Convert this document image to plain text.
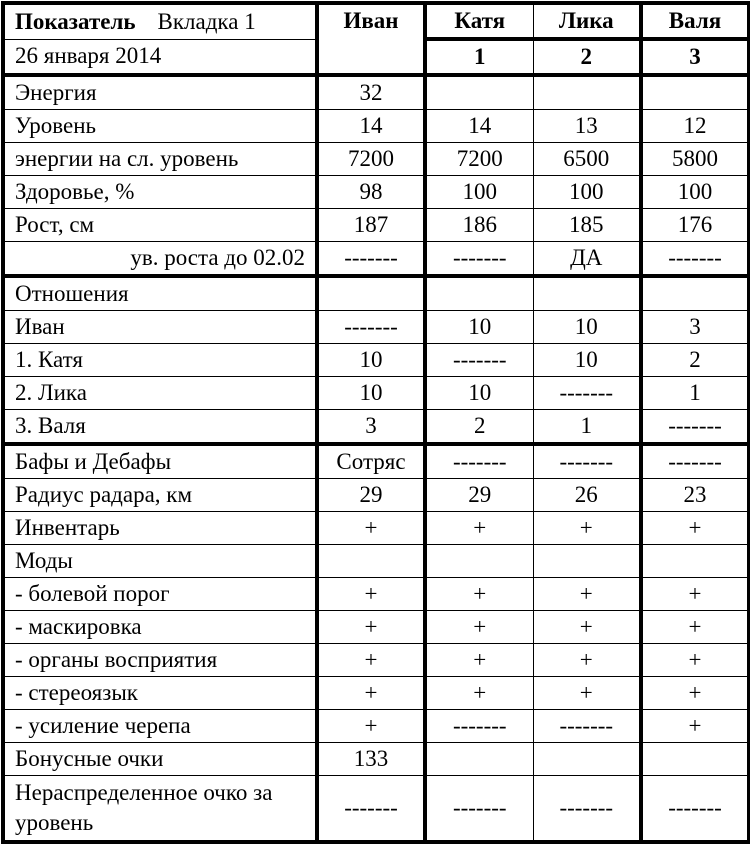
Показатель Вкладка 1	Иван	Катя	Лика	Валя
26 января 2014		1	2	3
Энергия	32			
Уровень	14	14	13	12
энергии на сл. уровень	7200	7200	6500	5800
Здоровье, %	98	100	100	100
Рост, см	187	186	185	176
ув. роста до 02.02	-------	-------	ДА	-------
Отношения				
Иван	-------	10	10	3
1. Катя	10	-------	10	2
2. Лика	10	10	-------	1
3. Валя	3	2	1	-------
Бафы и Дебафы	Сотряс	-------	-------	-------
Радиус радара, км	29	29	26	23
Инвентарь	+	+	+	+
Моды				
- болевой порог	+	+	+	+
- маскировка	+	+	+	+
- органы восприятия	+	+	+	+
- стереоязык	+	+	+	+
- усиление черепа	+	-------	-------	+
Бонусные очки	133			
Нераспределенное очко за уровень	-------	-------	-------	-------
